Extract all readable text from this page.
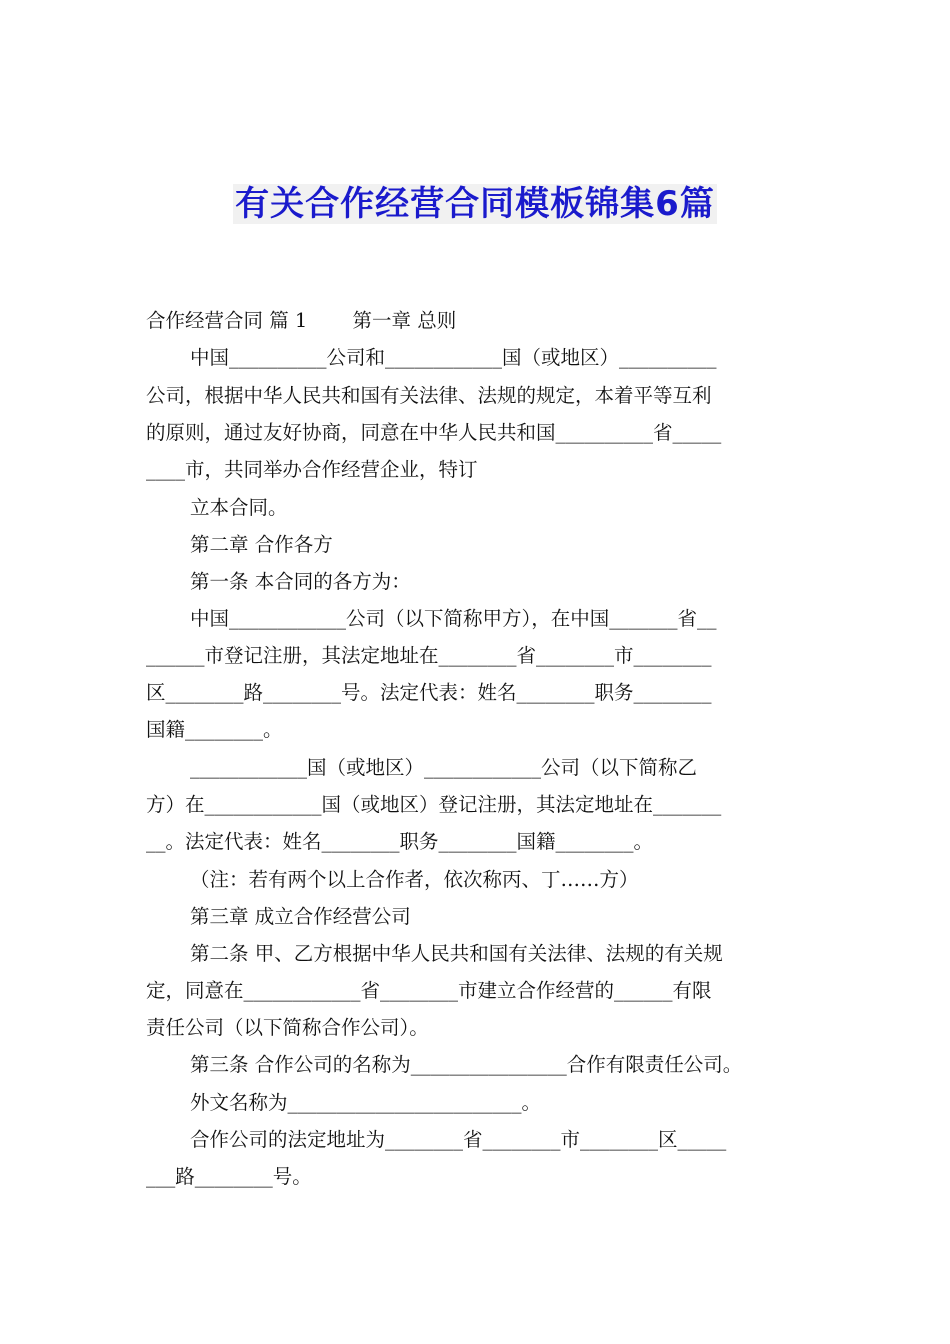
有关合作经营合同模板锦集6篇
合作经营合同 篇 1　　 第一章 总则
中国__________公司和____________国（或地区）__________
公司，根据中华人民共和国有关法律、法规的规定，本着平等互利
的原则，通过友好协商，同意在中华人民共和国__________省_____
____市，共同举办合作经营企业，特订
立本合同。
第二章 合作各方
第一条 本合同的各方为：
中国____________公司（以下简称甲方），在中国_______省__
______市登记注册，其法定地址在________省________市________
区________路________号。法定代表：姓名________职务________
国籍________。
____________国（或地区）____________公司（以下简称乙
方）在____________国（或地区）登记注册，其法定地址在_______
__。法定代表：姓名________职务________国籍________。
（注：若有两个以上合作者，依次称丙、丁……方）
第三章 成立合作经营公司
第二条 甲、乙方根据中华人民共和国有关法律、法规的有关规
定，同意在____________省________市建立合作经营的______有限
责任公司（以下简称合作公司）。
第三条 合作公司的名称为________________合作有限责任公司。
外文名称为________________________。
合作公司的法定地址为________省________市________区_____
___路________号。
